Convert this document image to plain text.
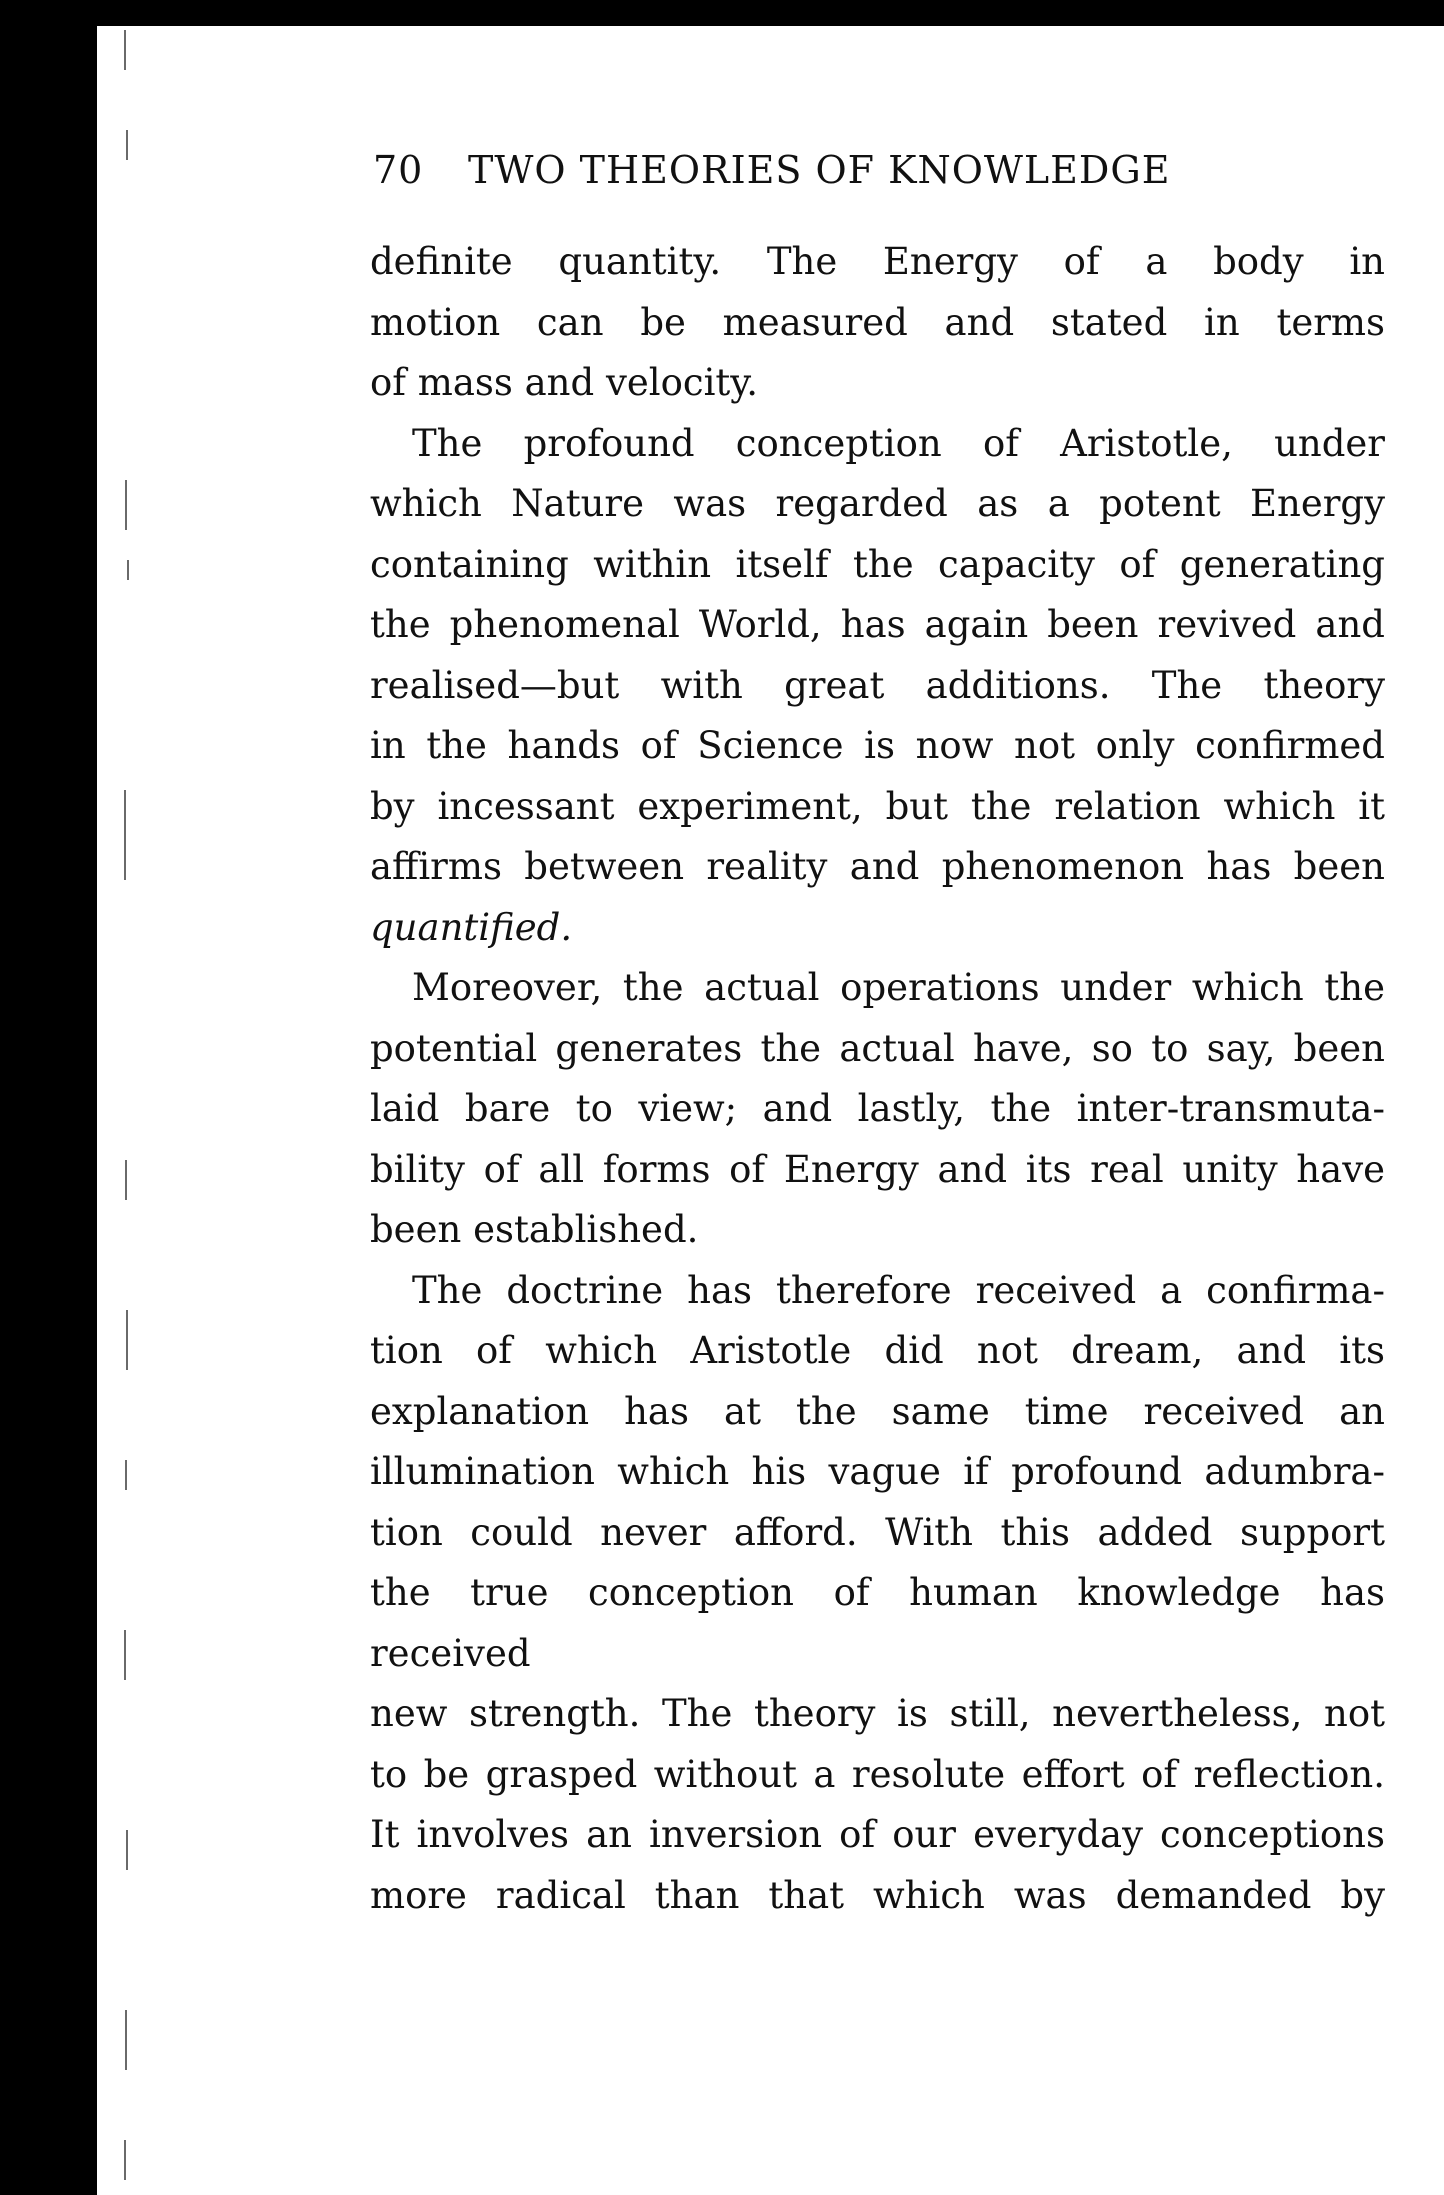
70 TWO THEORIES OF KNOWLEDGE
definite quantity. The Energy of a body in
motion can be measured and stated in terms
of mass and velocity.
The profound conception of Aristotle, under
which Nature was regarded as a potent Energy
containing within itself the capacity of generating
the phenomenal World, has again been revived and
realised—but with great additions. The theory
in the hands of Science is now not only confirmed
by incessant experiment, but the relation which it
affirms between reality and phenomenon has been
quantified.
Moreover, the actual operations under which the
potential generates the actual have, so to say, been
laid bare to view; and lastly, the inter-transmuta-
bility of all forms of Energy and its real unity have
been established.
The doctrine has therefore received a confirma-
tion of which Aristotle did not dream, and its
explanation has at the same time received an
illumination which his vague if profound adumbra-
tion could never afford. With this added support
the true conception of human knowledge has received
new strength. The theory is still, nevertheless, not
to be grasped without a resolute effort of reflection.
It involves an inversion of our everyday conceptions
more radical than that which was demanded by
